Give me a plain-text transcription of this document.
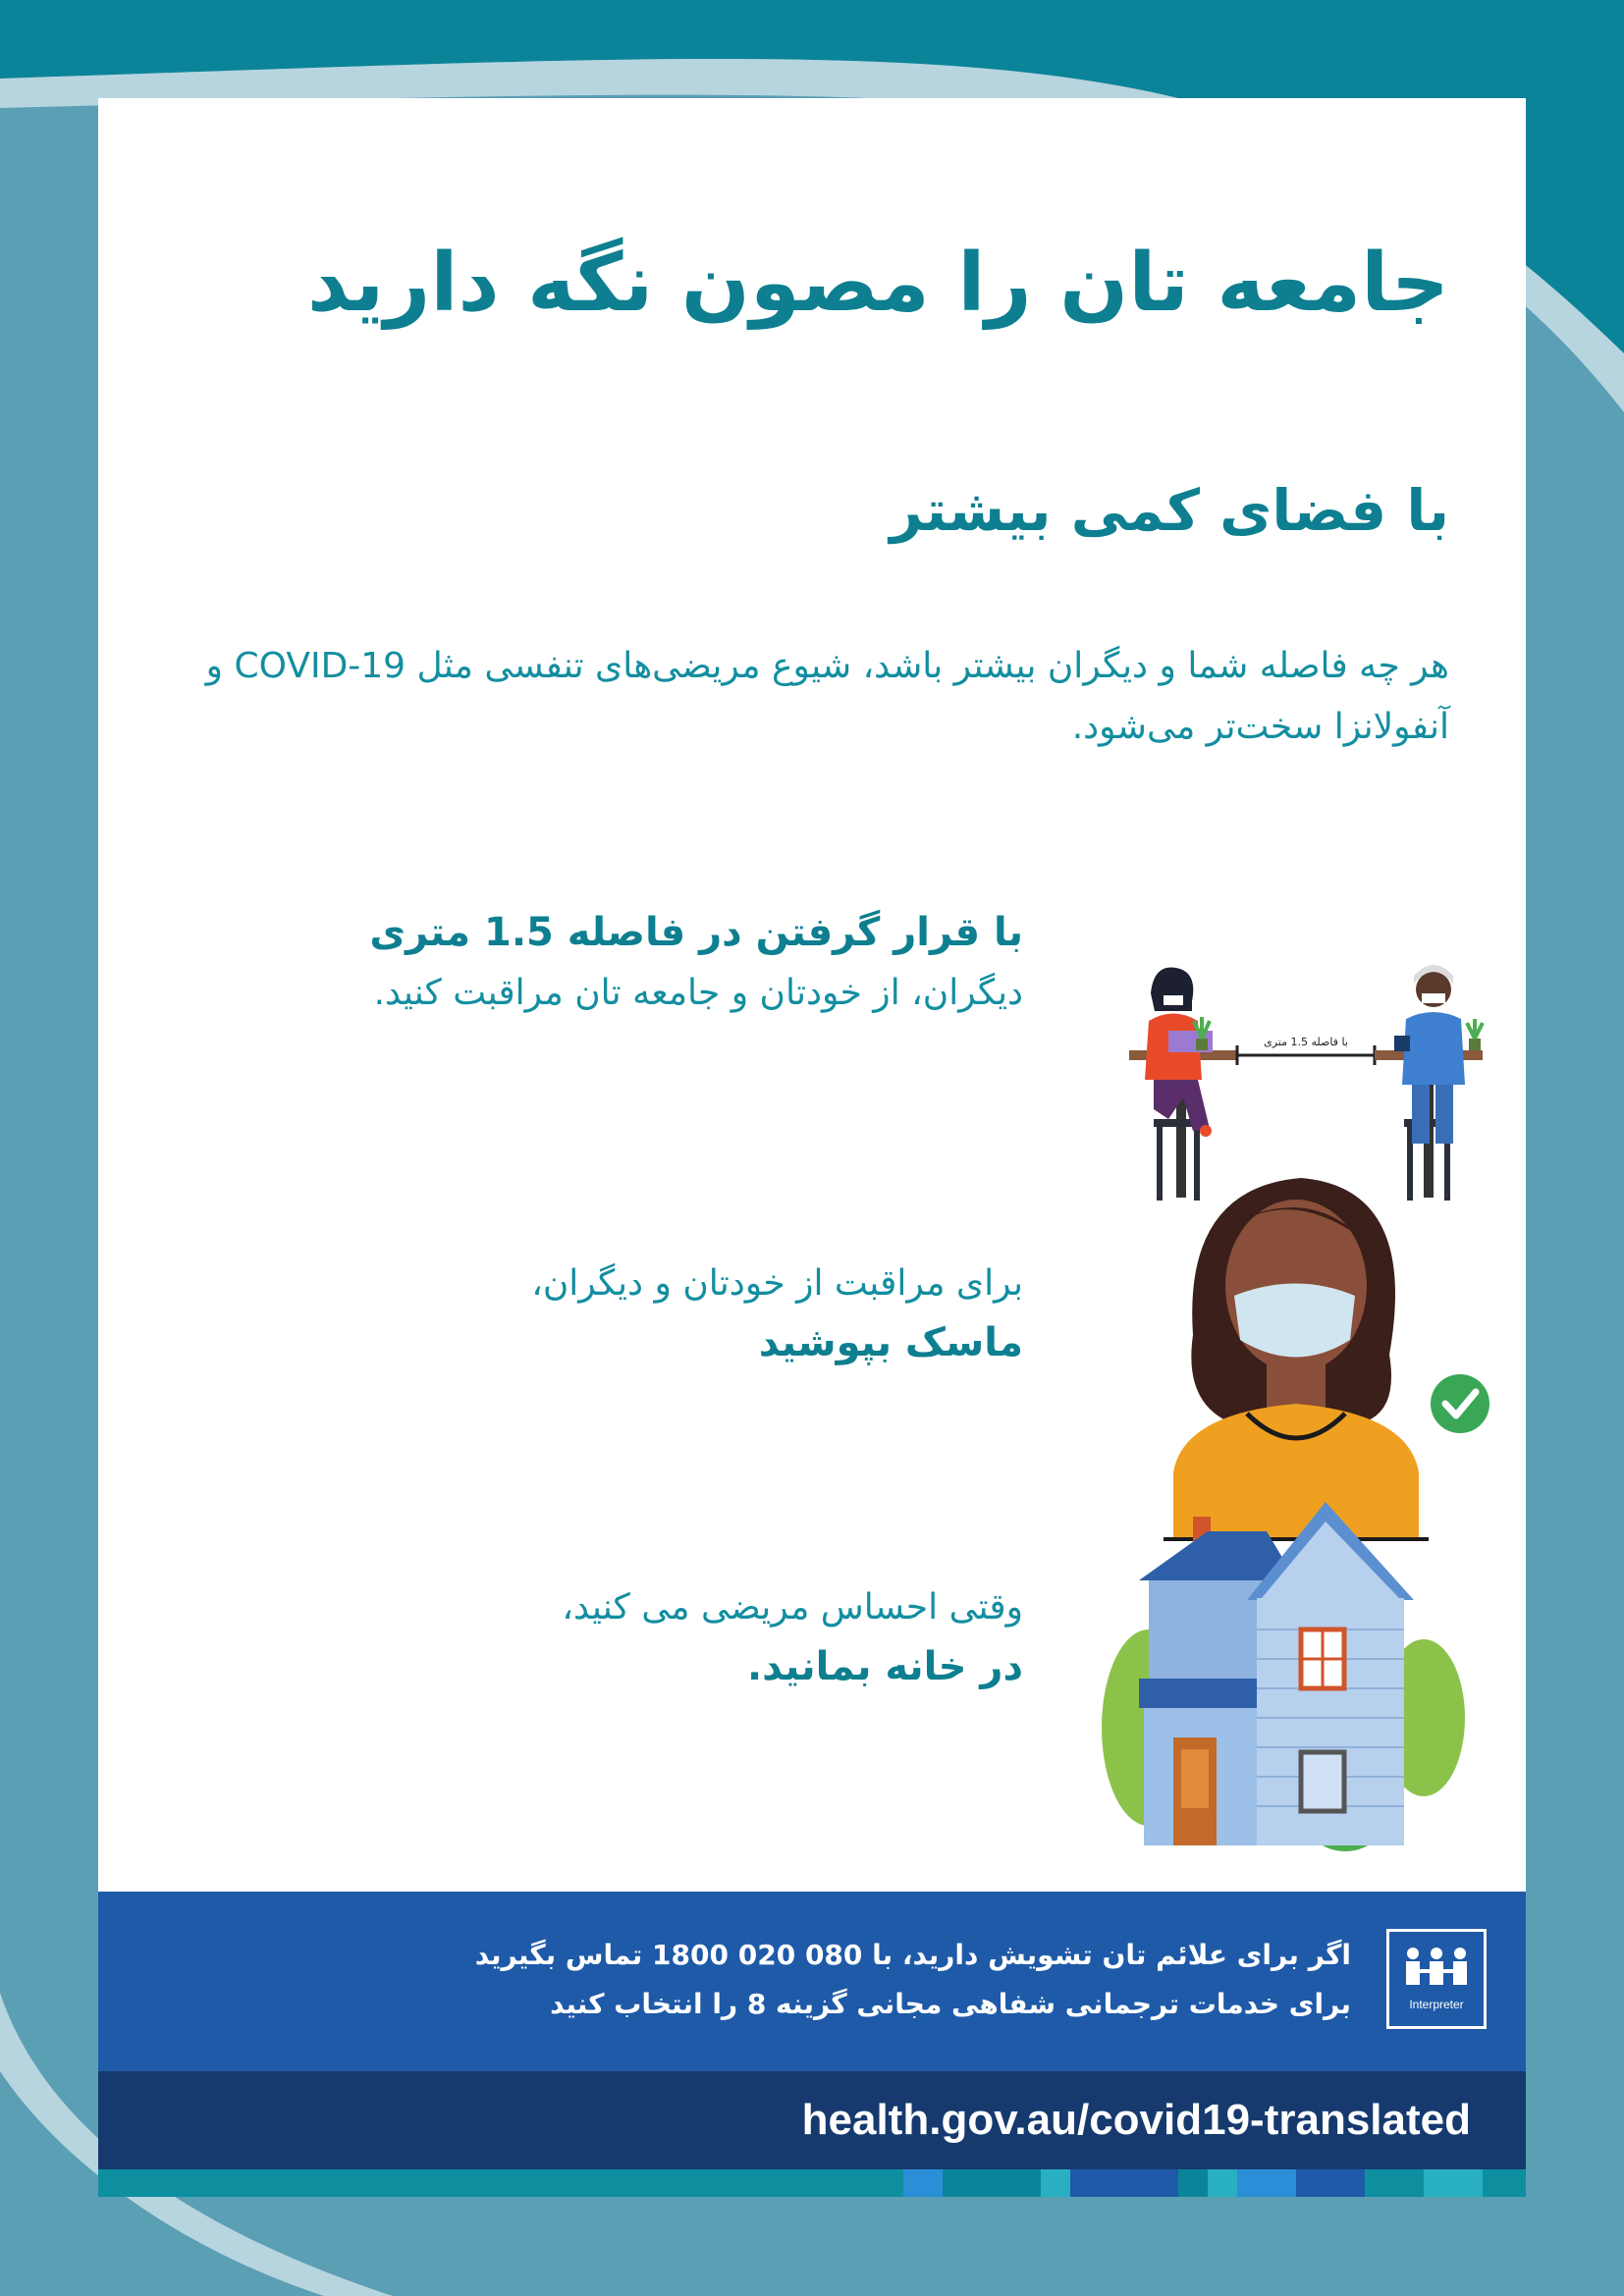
جامعه تان را مصون نگه دارید
با فضای کمی بیشتر

هر چه فاصله شما و دیگران بیشتر باشد، شیوع مریضی‌های تنفسی مثل COVID-19 و آنفولانزا سخت‌تر می‌شود.

با قرار گرفتن در فاصله 1.5 متری
دیگران، از خودتان و جامعه تان مراقبت کنید.

با فاصله 1.5 متری

برای مراقبت از خودتان و دیگران،
ماسک بپوشید

وقتی احساس مریضی می کنید،
در خانه بمانید.

اگر برای علائم تان تشویش دارید، با 080 020 1800 تماس بگیرید
برای خدمات ترجمانی شفاهی مجانی گزینه 8 را انتخاب کنید	Interpreter

health.gov.au/covid19-translated
